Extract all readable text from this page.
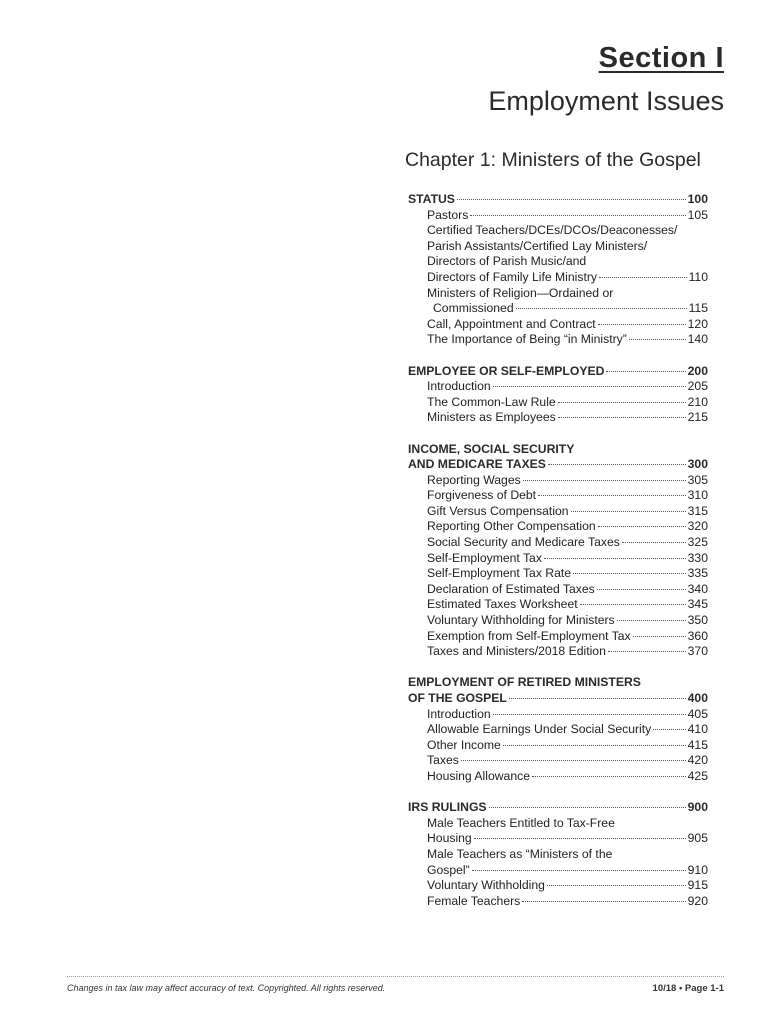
Section I
Employment Issues
Chapter 1: Ministers of the Gospel
STATUS	100
Pastors	105
Certified Teachers/DCEs/DCOs/Deaconesses/
Parish Assistants/Certified Lay Ministers/
Directors of Parish Music/and
Directors of Family Life Ministry	110
Ministers of Religion—Ordained or
Commissioned	115
Call, Appointment and Contract	120
The Importance of Being “in Ministry”	140
EMPLOYEE OR SELF-EMPLOYED	200
Introduction	205
The Common-Law Rule	210
Ministers as Employees	215
INCOME, SOCIAL SECURITY
AND MEDICARE TAXES	300
Reporting Wages	305
Forgiveness of Debt	310
Gift Versus Compensation	315
Reporting Other Compensation	320
Social Security and Medicare Taxes	325
Self-Employment Tax	330
Self-Employment Tax Rate	335
Declaration of Estimated Taxes	340
Estimated Taxes Worksheet	345
Voluntary Withholding for Ministers	350
Exemption from Self-Employment Tax	360
Taxes and Ministers/2018 Edition	370
EMPLOYMENT OF RETIRED MINISTERS
OF THE GOSPEL	400
Introduction	405
Allowable Earnings Under Social Security	410
Other Income	415
Taxes	420
Housing Allowance	425
IRS RULINGS	900
Male Teachers Entitled to Tax-Free
Housing	905
Male Teachers as “Ministers of the
Gospel”	910
Voluntary Withholding	915
Female Teachers	920
Changes in tax law may affect accuracy of text. Copyrighted. All rights reserved.	10/18 • Page 1-1
